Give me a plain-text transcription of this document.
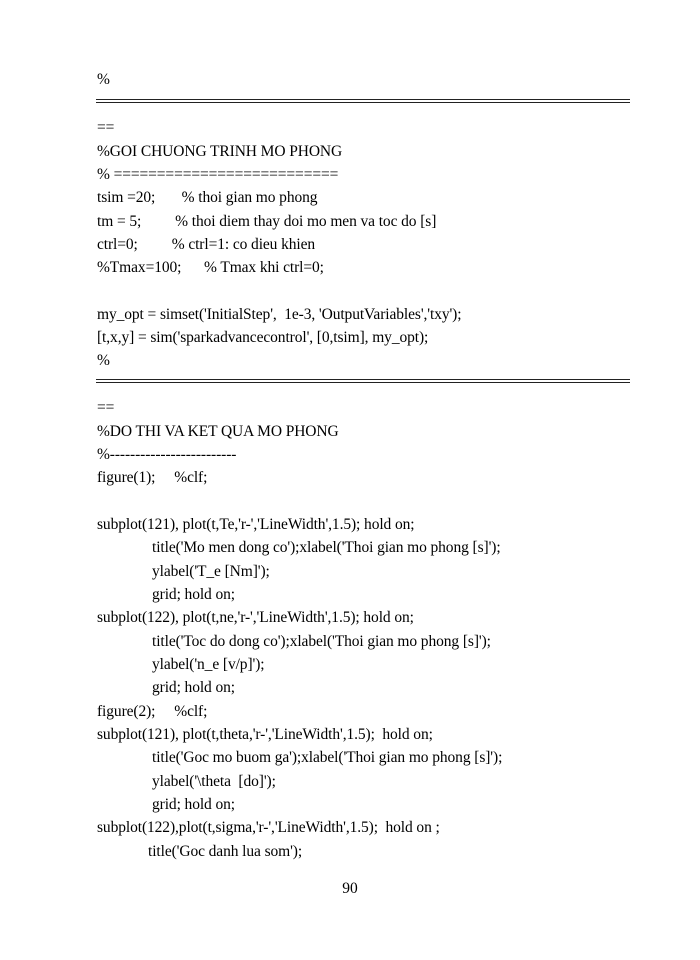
%
==
%GOI CHUONG TRINH MO PHONG
% ==========================
tsim =20;       % thoi gian mo phong
tm = 5;         % thoi diem thay doi mo men va toc do [s]
ctrl=0;         % ctrl=1: co dieu khien
%Tmax=100;      % Tmax khi ctrl=0;
my_opt = simset('InitialStep',  1e-3, 'OutputVariables','txy');
[t,x,y] = sim('sparkadvancecontrol', [0,tsim], my_opt);
%
==
%DO THI VA KET QUA MO PHONG
%-------------------------
figure(1);     %clf;
subplot(121), plot(t,Te,'r-','LineWidth',1.5); hold on;
title('Mo men dong co');xlabel('Thoi gian mo phong [s]');
ylabel('T_e [Nm]');
grid; hold on;
subplot(122), plot(t,ne,'r-','LineWidth',1.5); hold on;
title('Toc do dong co');xlabel('Thoi gian mo phong [s]');
ylabel('n_e [v/p]');
grid; hold on;
figure(2);     %clf;
subplot(121), plot(t,theta,'r-','LineWidth',1.5);  hold on;
title('Goc mo buom ga');xlabel('Thoi gian mo phong [s]');
ylabel('\theta  [do]');
grid; hold on;
subplot(122),plot(t,sigma,'r-','LineWidth',1.5);  hold on ;
title('Goc danh lua som');
90
